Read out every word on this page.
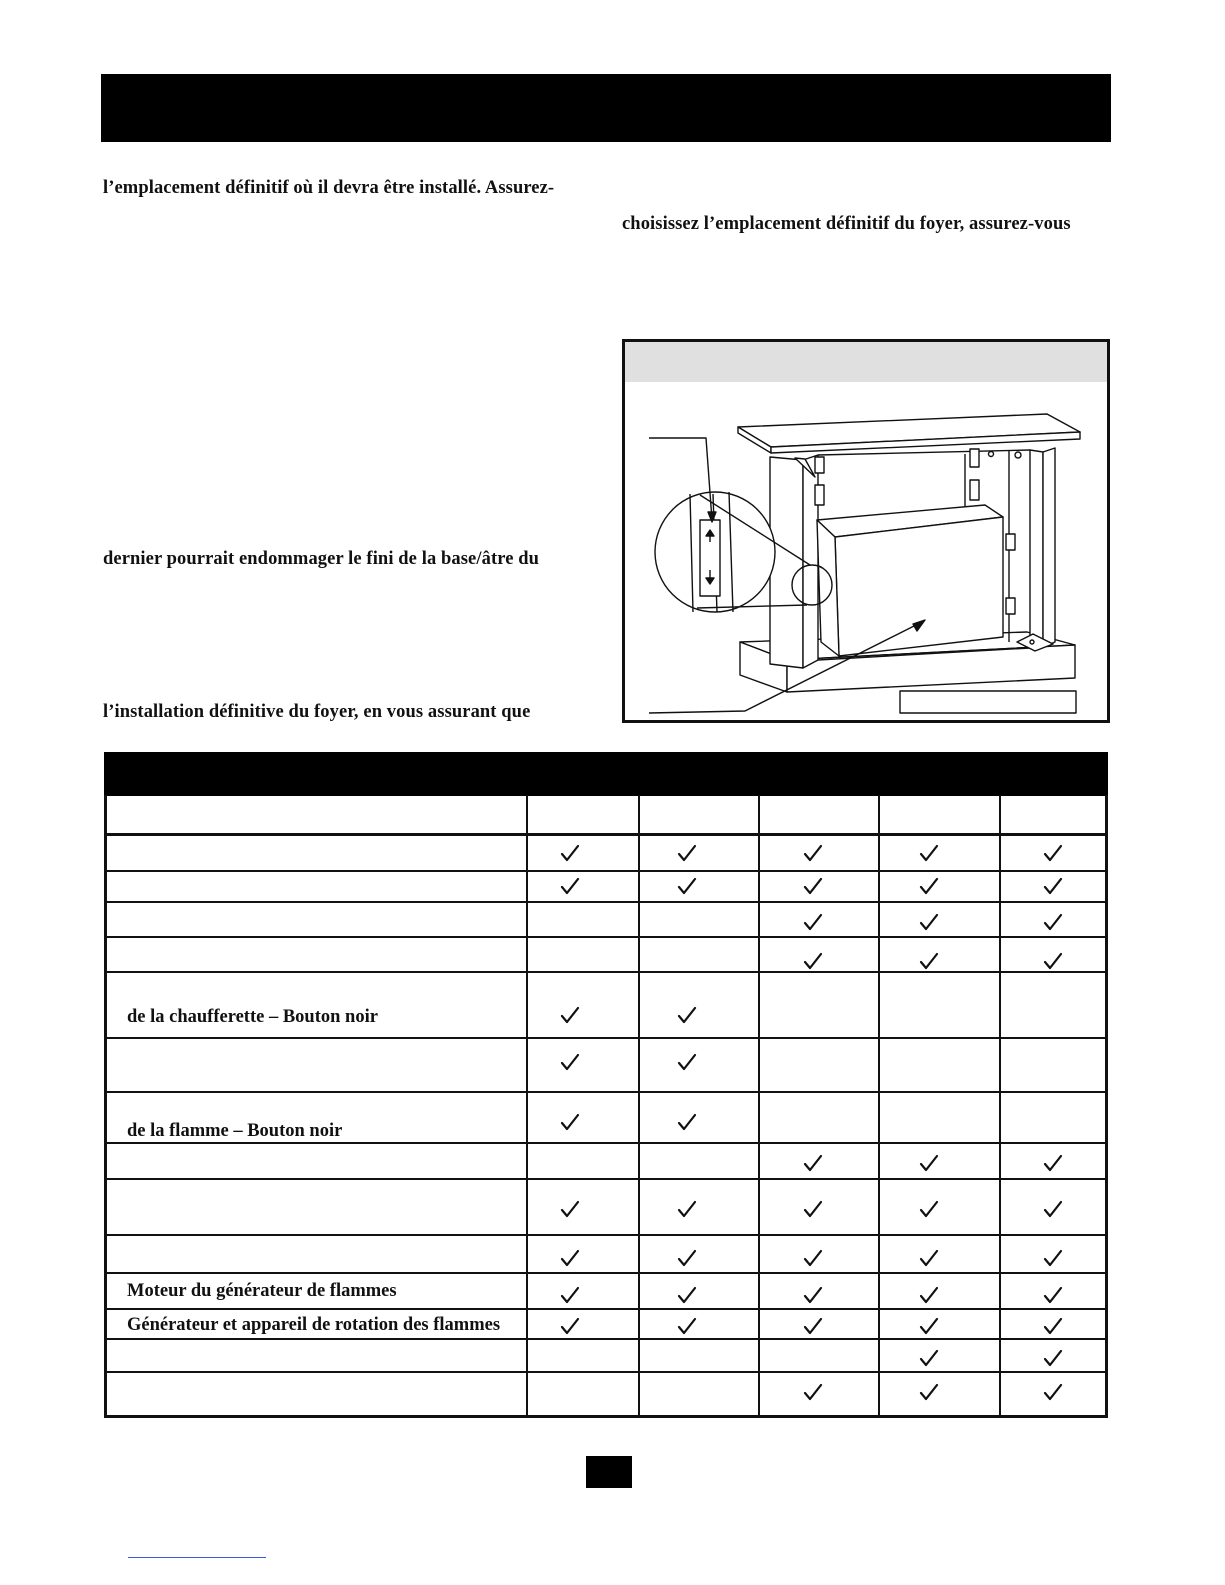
l’emplacement définitif où il devra être installé. Assurez-
choisissez l’emplacement définitif du foyer, assurez-vous
dernier pourrait endommager le fini de la base/âtre du
l’installation définitive du foyer, en vous assurant que
de la chaufferette – Bouton noir
de la flamme – Bouton noir
Moteur du générateur de flammes
Générateur et appareil de rotation des flammes
